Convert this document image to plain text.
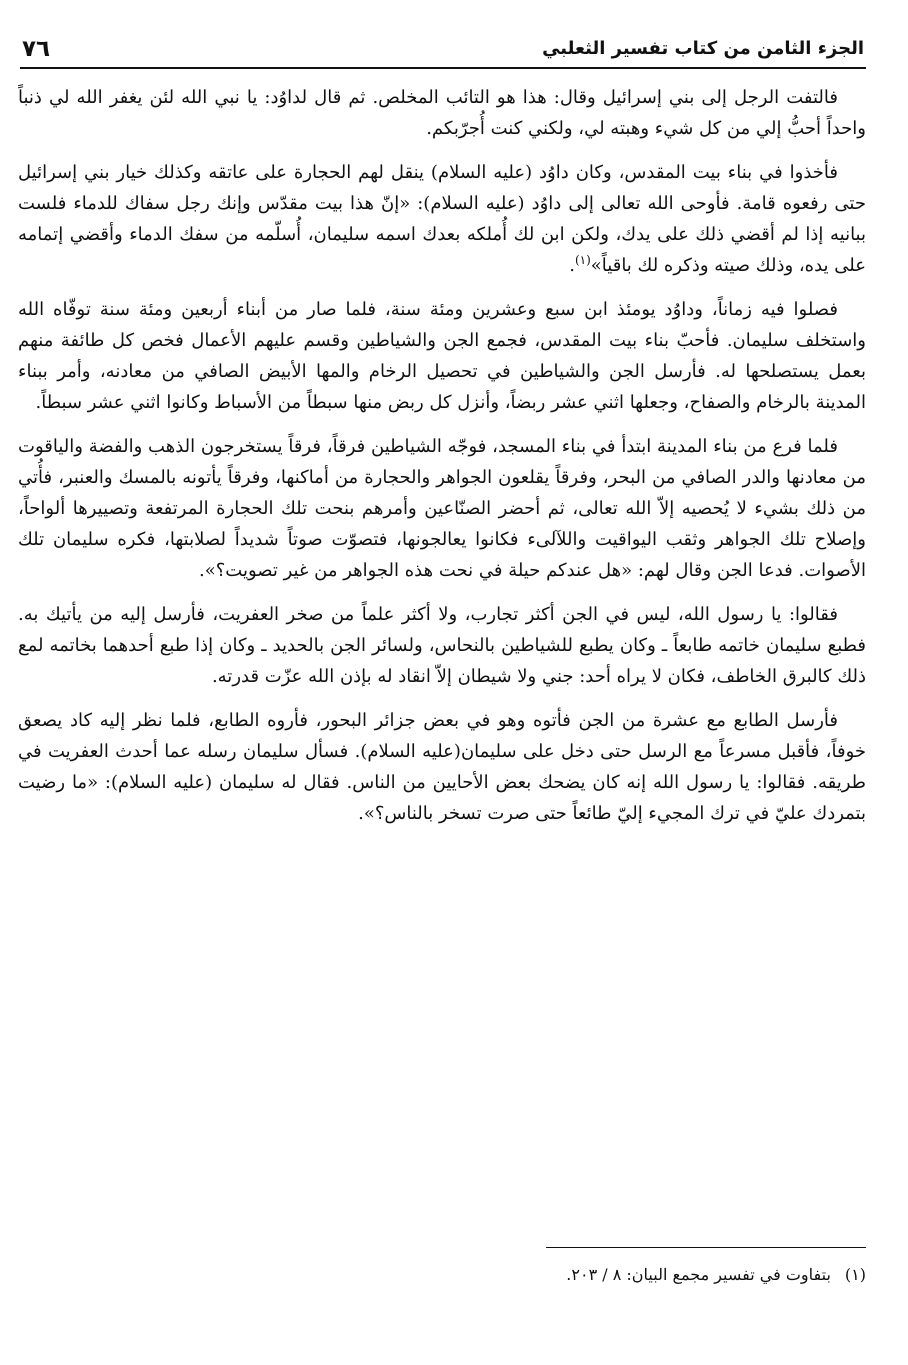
الجزء الثامن من كتاب تفسير الثعلبي
٧٦

فالتفت الرجل إلى بني إسرائيل وقال: هذا هو التائب المخلص. ثم قال لداوُد: يا نبي الله لئن يغفر الله لي ذنباً واحداً أحبُّ إلي من كل شيء وهبته لي، ولكني كنت أُجرّبكم.

فأخذوا في بناء بيت المقدس، وكان داوُد (عليه السلام) ينقل لهم الحجارة على عاتقه وكذلك خيار بني إسرائيل حتى رفعوه قامة. فأوحى الله تعالى إلى داوُد (عليه السلام): «إنّ هذا بيت مقدّس وإنك رجل سفاك للدماء فلست ببانيه إذا لم أقضي ذلك على يدك، ولكن ابن لك أُملكه بعدك اسمه سليمان، أُسلّمه من سفك الدماء وأقضي إتمامه على يده، وذلك صيته وذكره لك باقياً»$^{(١)}$.

فصلوا فيه زماناً، وداوُد يومئذ ابن سبع وعشرين ومئة سنة، فلما صار من أبناء أربعين ومئة سنة توفّاه الله واستخلف سليمان. فأحبّ بناء بيت المقدس، فجمع الجن والشياطين وقسم عليهم الأعمال فخص كل طائفة منهم بعمل يستصلحها له. فأرسل الجن والشياطين في تحصيل الرخام والمها الأبيض الصافي من معادنه، وأمر ببناء المدينة بالرخام والصفاح، وجعلها اثني عشر ربضاً، وأنزل كل ربض منها سبطاً من الأسباط وكانوا اثني عشر سبطاً.

فلما فرع من بناء المدينة ابتدأ في بناء المسجد، فوجّه الشياطين فرقاً، فرقاً يستخرجون الذهب والفضة والياقوت من معادنها والدر الصافي من البحر، وفرقاً يقلعون الجواهر والحجارة من أماكنها، وفرقاً يأتونه بالمسك والعنبر، فأُتي من ذلك بشيء لا يُحصيه إلاّ الله تعالى، ثم أحضر الصنّاعين وأمرهم بنحت تلك الحجارة المرتفعة وتصييرها ألواحاً، وإصلاح تلك الجواهر وثقب اليواقيت واللآلىء فكانوا يعالجونها، فتصوّت صوتاً شديداً لصلابتها، فكره سليمان تلك الأصوات. فدعا الجن وقال لهم: «هل عندكم حيلة في نحت هذه الجواهر من غير تصويت؟».

فقالوا: يا رسول الله، ليس في الجن أكثر تجارب، ولا أكثر علماً من صخر العفريت، فأرسل إليه من يأتيك به. فطبع سليمان خاتمه طابعاً ـ وكان يطبع للشياطين بالنحاس، ولسائر الجن بالحديد ـ وكان إذا طبع أحدهما بخاتمه لمع ذلك كالبرق الخاطف، فكان لا يراه أحد: جني ولا شيطان إلاّ انقاد له بإذن الله عزّت قدرته.

فأرسل الطابع مع عشرة من الجن فأتوه وهو في بعض جزائر البحور، فأروه الطابع، فلما نظر إليه كاد يصعق خوفاً، فأقبل مسرعاً مع الرسل حتى دخل على سليمان(عليه السلام). فسأل سليمان رسله عما أحدث العفريت في طريقه. فقالوا: يا رسول الله إنه كان يضحك بعض الأحايين من الناس. فقال له سليمان (عليه السلام): «ما رضيت بتمردك عليّ في ترك المجيء إليّ طائعاً حتى صرت تسخر بالناس؟».

(١)بتفاوت في تفسير مجمع البيان: ٨ / ٢٠٣.
